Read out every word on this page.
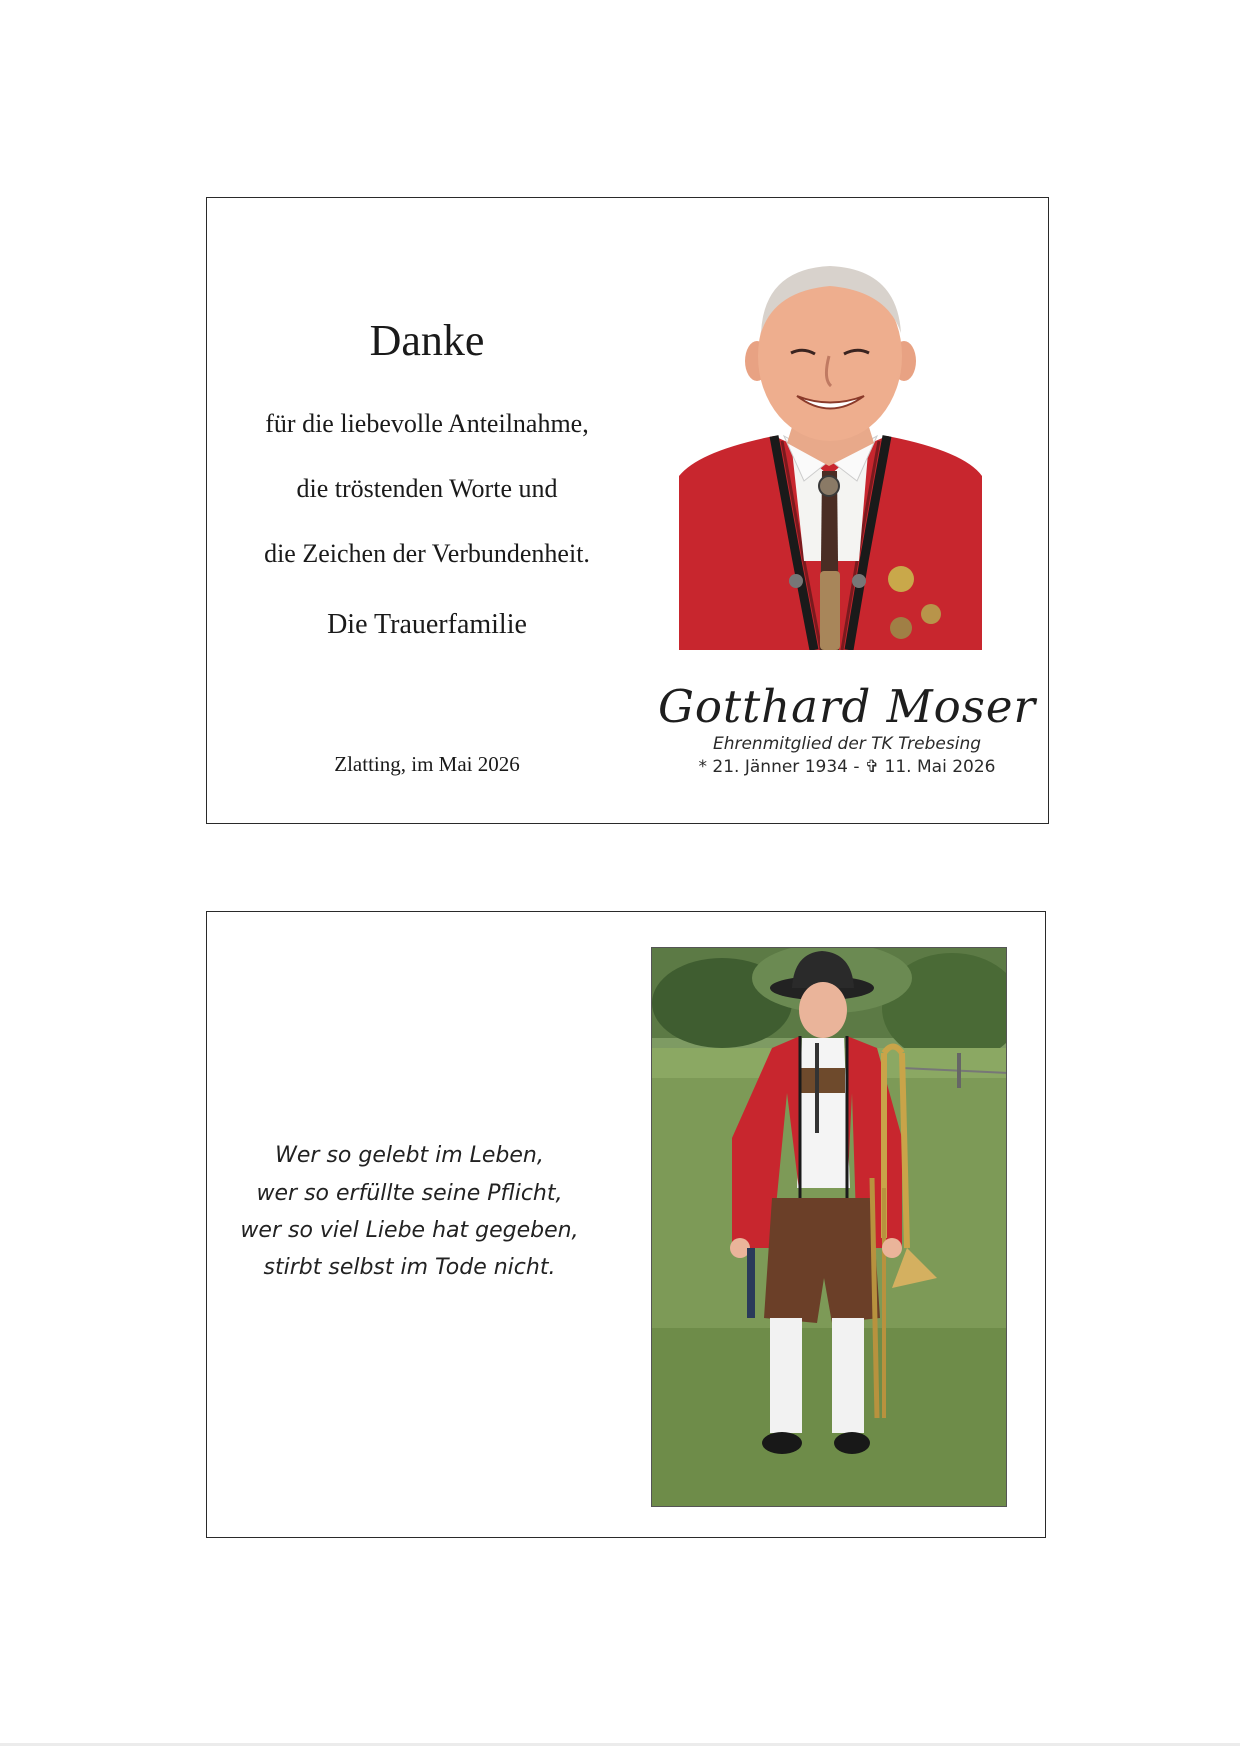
Danke
für die liebevolle Anteilnahme,
die tröstenden Worte und
die Zeichen der Verbundenheit.
Die Trauerfamilie
Zlatting, im Mai 2026
Gotthard Moser
Ehrenmitglied der TK Trebesing
* 21. Jänner 1934 - ✞ 11. Mai 2026
Wer so gelebt im Leben,
wer so erfüllte seine Pflicht,
wer so viel Liebe hat gegeben,
stirbt selbst im Tode nicht.
